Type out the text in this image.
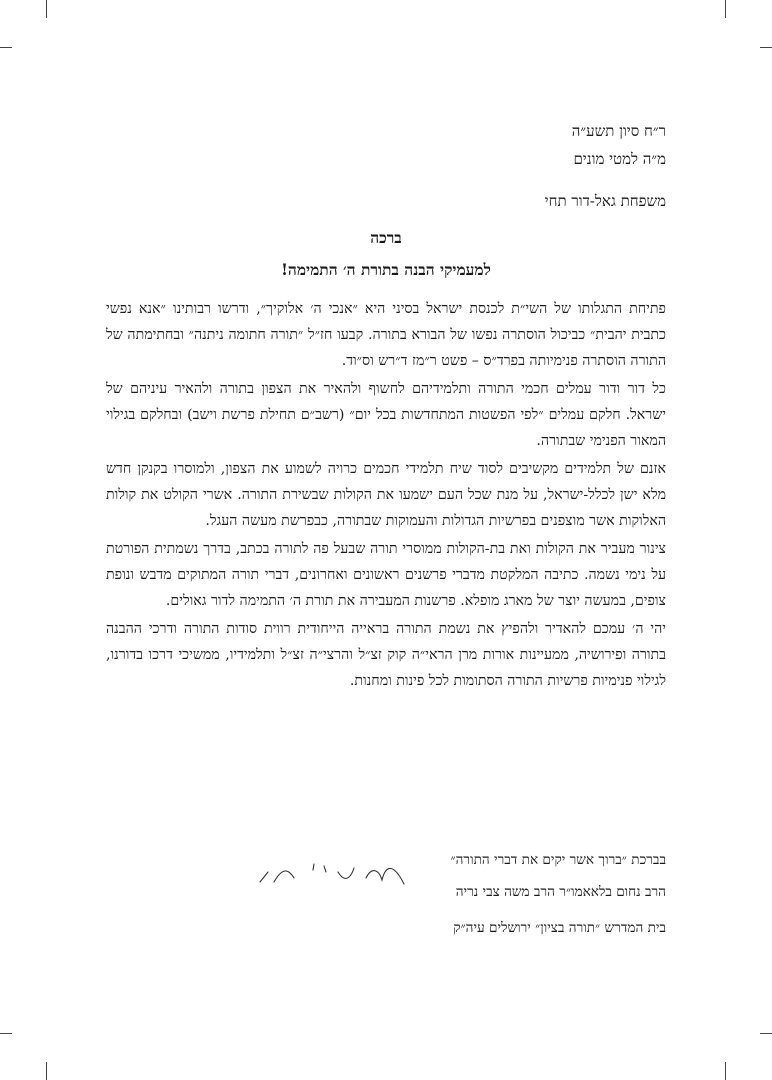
ר״ח סיון תשע״ה

מ״ה למטי מונים

משפחת גאל-דור תחי

ברכה
למעמיקי הבנה בתורת ה׳ התמימה!

פתיחת התגלותו של השי״ת לכנסת ישראל בסיני היא ״אנכי ה׳ אלוקיך״, ודרשו רבותינו ״אנא נפשי כתבית יהבית״ כביכול הוסתרה נפשו של הבורא בתורה. קבעו חז״ל ״תורה חתומה ניתנה״ ובחתימתה של התורה הוסתרה פנימיותה בפרד״ס – פשט ר״מז ד״רש וס״וד.

כל דור ודור עמלים חכמי התורה ותלמידיהם לחשוף ולהאיר את הצפון בתורה ולהאיר עיניהם של ישראל. חלקם עמלים ״לפי הפשטות המתחדשות בכל יום״ (רשב״ם תחילת פרשת וישב) ובחלקם בגילוי המאור הפנימי שבתורה.

אזנם של תלמידים מקשיבים לסוד שיח תלמידי חכמים כרויה לשמוע את הצפון, ולמוסרו בקנקן חדש מלא ישן לכלל-ישראל, על מנת שכל העם ישמעו את הקולות שבשירת התורה. אשרי הקולט את קולות האלוקות אשר מוצפנים בפרשיות הגדולות והעמוקות שבתורה, כבפרשת מעשה העגל.

צינור מעביר את הקולות ואת בת-הקולות ממוסרי תורה שבעל פה לתורה בכתב, בדרך נשמתית הפורטת על נימי נשמה. כתיבה המלקטת מדברי פרשנים ראשונים ואחרונים, דברי תורה המתוקים מדבש ונופת צופים, במעשה יוצר של מארג מופלא. פרשנות המעבירה את תורת ה׳ התמימה לדור גאולים.

יהי ה׳ עמכם להאדיר ולהפיץ את נשמת התורה בראייה הייחודית רווית סודות התורה ודרכי ההבנה בתורה ופירושיה, ממעיינות אורות מרן הראי״ה קוק זצ״ל והרצי״ה זצ״ל ותלמידיו, ממשיכי דרכו בדורנו, לגילוי פנימיות פרשיות התורה הסתומות לכל פינות ומחנות.

בברכת ״ברוך אשר יקים את דברי התורה״

הרב נחום בלאאמו״ר הרב משה צבי נריה

בית המדרש ״תורה בציון״ ירושלים עיה״ק
